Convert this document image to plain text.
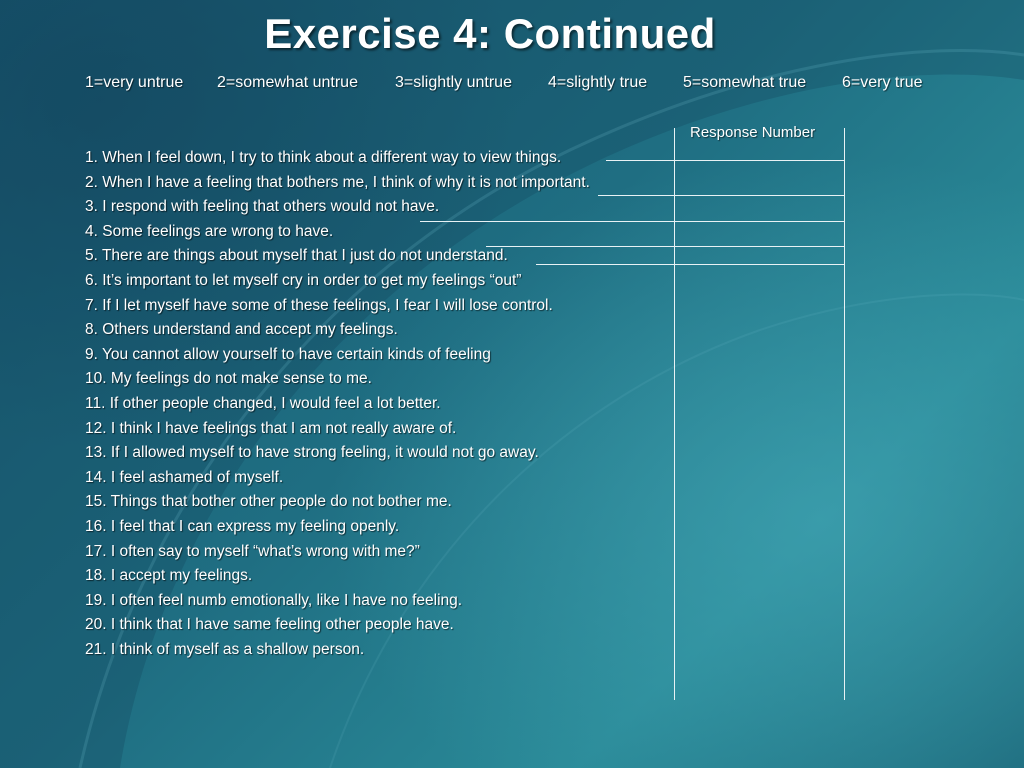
Exercise 4: Continued
1=very untrue 2=somewhat untrue 3=slightly untrue 4=slightly true 5=somewhat true 6=very true
Response Number
1. When I feel down, I try to think about a different way to view things.
2. When I have a feeling that bothers me, I think of why it is not important.
3. I respond with feeling that others would not have.
4. Some feelings are wrong to have.
5. There are things about myself that I just do not understand.
6. It’s important to let myself cry in order to get my feelings “out”
7. If I let myself have some of these feelings, I fear I will lose control.
8. Others understand and accept my feelings.
9. You cannot allow yourself to have certain kinds of feeling
10. My feelings do not make sense to me.
11. If other people changed, I would feel a lot better.
12. I think I have feelings that I am not really aware of.
13. If I allowed myself to have strong feeling, it would not go away.
14. I feel ashamed of myself.
15. Things that bother other people do not bother me.
16. I feel that I can express my feeling openly.
17. I often say to myself “what’s wrong with me?”
18. I accept my feelings.
19. I often feel numb emotionally, like I have no feeling.
20. I think that I have same feeling other people have.
21. I think of myself as a shallow person.
